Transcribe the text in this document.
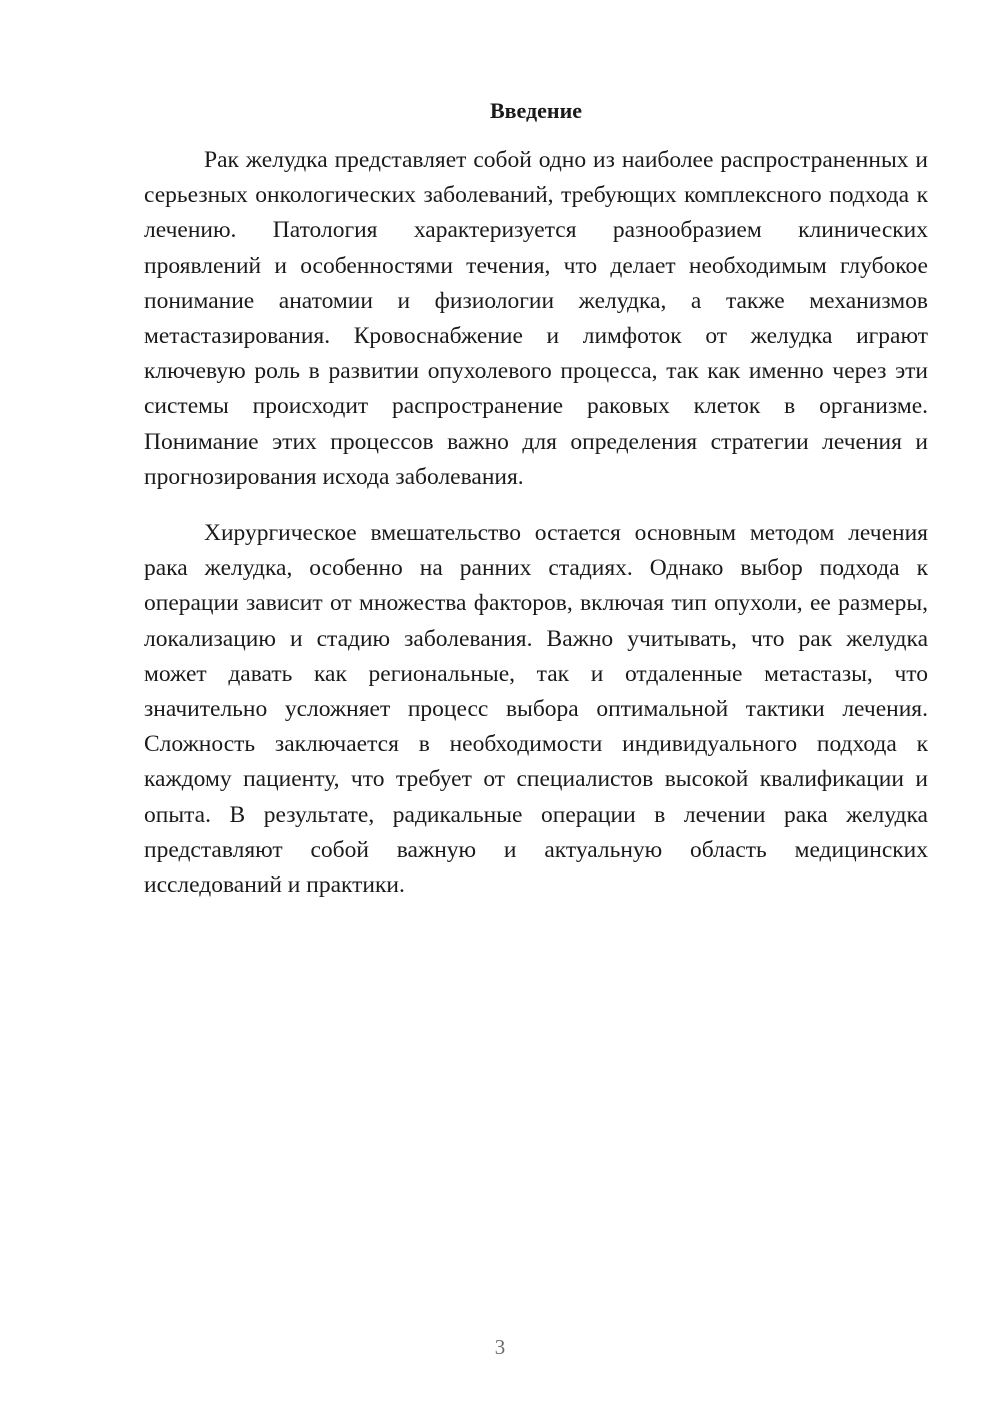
Введение

Рак желудка представляет собой одно из наиболее распространенных и серьезных онкологических заболеваний, требующих комплексного подхода к лечению. Патология характеризуется разнообразием клинических проявлений и особенностями течения, что делает необходимым глубокое понимание анатомии и физиологии желудка, а также механизмов метастазирования. Кровоснабжение и лимфоток от желудка играют ключевую роль в развитии опухолевого процесса, так как именно через эти системы происходит распространение раковых клеток в организме. Понимание этих процессов важно для определения стратегии лечения и прогнозирования исхода заболевания.

Хирургическое вмешательство остается основным методом лечения рака желудка, особенно на ранних стадиях. Однако выбор подхода к операции зависит от множества факторов, включая тип опухоли, ее размеры, локализацию и стадию заболевания. Важно учитывать, что рак желудка может давать как региональные, так и отдаленные метастазы, что значительно усложняет процесс выбора оптимальной тактики лечения. Сложность заключается в необходимости индивидуального подхода к каждому пациенту, что требует от специалистов высокой квалификации и опыта. В результате, радикальные операции в лечении рака желудка представляют собой важную и актуальную область медицинских исследований и практики.

3
